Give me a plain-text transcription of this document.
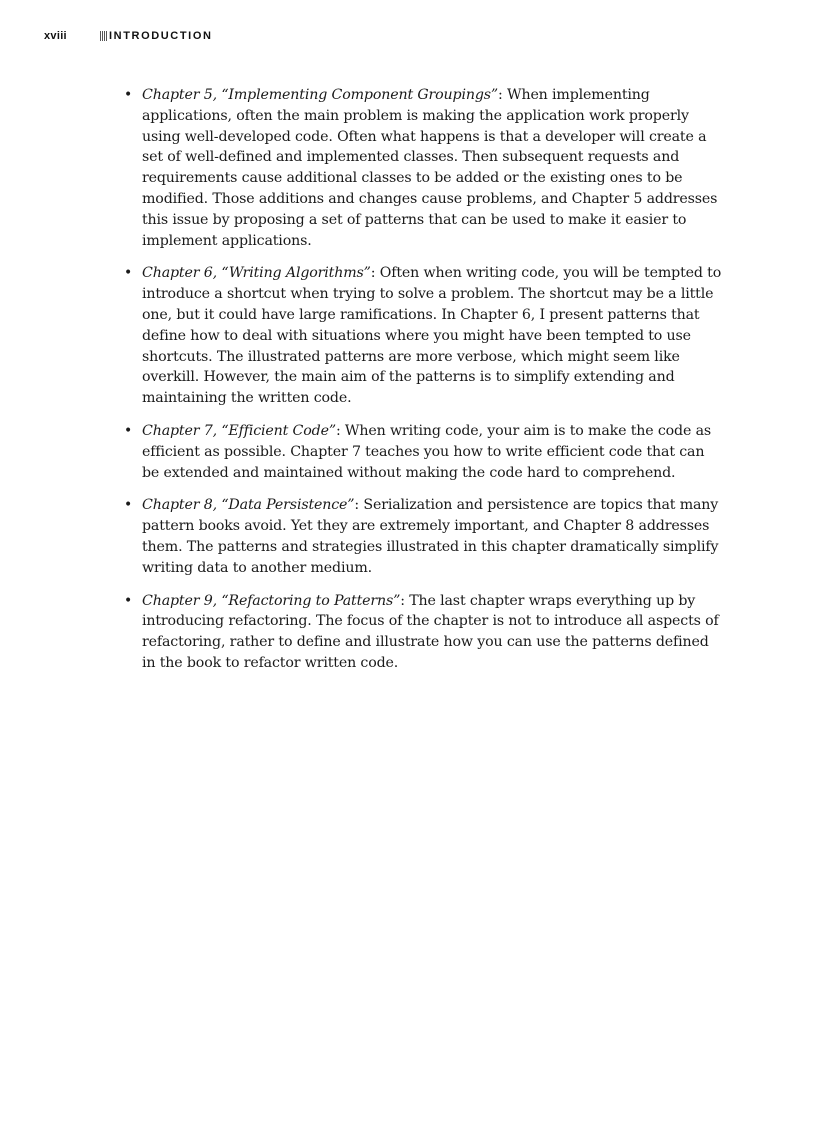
xviii	INTRODUCTION
• Chapter 5, “Implementing Component Groupings”: When implementing applications, often the main problem is making the application work properly using well-developed code. Often what happens is that a developer will create a set of well-defined and implemented classes. Then subsequent requests and requirements cause additional classes to be added or the existing ones to be modified. Those additions and changes cause problems, and Chapter 5 addresses this issue by proposing a set of patterns that can be used to make it easier to implement applications.
• Chapter 6, “Writing Algorithms”: Often when writing code, you will be tempted to introduce a shortcut when trying to solve a problem. The shortcut may be a little one, but it could have large ramifications. In Chapter 6, I present patterns that define how to deal with situations where you might have been tempted to use shortcuts. The illustrated patterns are more verbose, which might seem like overkill. However, the main aim of the patterns is to simplify extending and maintaining the written code.
• Chapter 7, “Efficient Code”: When writing code, your aim is to make the code as efficient as possible. Chapter 7 teaches you how to write efficient code that can be extended and maintained without making the code hard to comprehend.
• Chapter 8, “Data Persistence”: Serialization and persistence are topics that many pattern books avoid. Yet they are extremely important, and Chapter 8 addresses them. The patterns and strategies illustrated in this chapter dramatically simplify writing data to another medium.
• Chapter 9, “Refactoring to Patterns”: The last chapter wraps everything up by introducing refactoring. The focus of the chapter is not to introduce all aspects of refactoring, rather to define and illustrate how you can use the patterns defined in the book to refactor written code.
